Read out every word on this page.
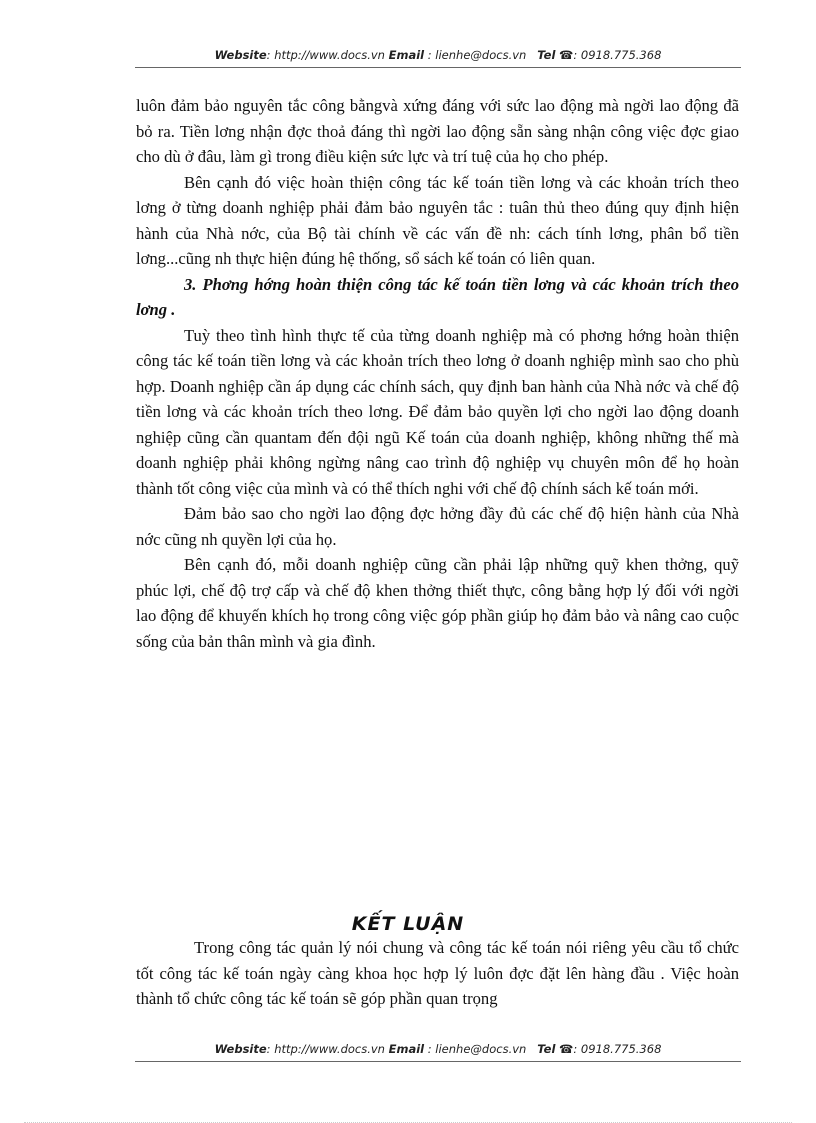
Website: http://www.docs.vn Email : lienhe@docs.vn Tel ☎: 0918.775.368

luôn đảm bảo nguyên tắc công bằngvà xứng đáng với sức lao động mà ngời lao động đã bỏ ra. Tiền lơng nhận đợc thoả đáng thì ngời lao động sẵn sàng nhận công việc đợc giao cho dù ở đâu, làm gì trong điều kiện sức lực và trí tuệ của họ cho phép.

Bên cạnh đó việc hoàn thiện công tác kế toán tiền lơng và các khoản trích theo lơng ở từng doanh nghiệp phải đảm bảo nguyên tắc : tuân thủ theo đúng quy định hiện hành của Nhà nớc, của Bộ tài chính về các vấn đề nh: cách tính lơng, phân bổ tiền lơng...cũng nh thực hiện đúng hệ thống, sổ sách kế toán có liên quan.

3. Phơng hớng hoàn thiện công tác kế toán tiền lơng và các khoản trích theo lơng .

Tuỳ theo tình hình thực tế của từng doanh nghiệp mà có phơng hớng hoàn thiện công tác kế toán tiền lơng và các khoản trích theo lơng ở doanh nghiệp mình sao cho phù hợp. Doanh nghiệp cần áp dụng các chính sách, quy định ban hành của Nhà nớc và chế độ tiền lơng và các khoản trích theo lơng. Để đảm bảo quyền lợi cho ngời lao động doanh nghiệp cũng cần quantam đến đội ngũ Kế toán của doanh nghiệp, không những thế mà doanh nghiệp phải không ngừng nâng cao trình độ nghiệp vụ chuyên môn để họ hoàn thành tốt công việc của mình và có thể thích nghi với chế độ chính sách kế toán mới.

Đảm bảo sao cho ngời lao động đợc hởng đầy đủ các chế độ hiện hành của Nhà nớc cũng nh quyền lợi của họ.

Bên cạnh đó, mỗi doanh nghiệp cũng cần phải lập những quỹ khen thởng, quỹ phúc lợi, chế độ trợ cấp và chế độ khen thởng thiết thực, công bằng hợp lý đối với ngời lao động để khuyến khích họ trong công việc góp phần giúp họ đảm bảo và nâng cao cuộc sống của bản thân mình và gia đình.

KẾT LUẬN

Trong công tác quản lý nói chung và công tác kế toán nói riêng yêu cầu tổ chức tốt công tác kế toán ngày càng khoa học hợp lý luôn đợc đặt lên hàng đầu . Việc hoàn thành tổ chức công tác kế toán sẽ góp phần quan trọng

Website: http://www.docs.vn Email : lienhe@docs.vn Tel ☎: 0918.775.368
